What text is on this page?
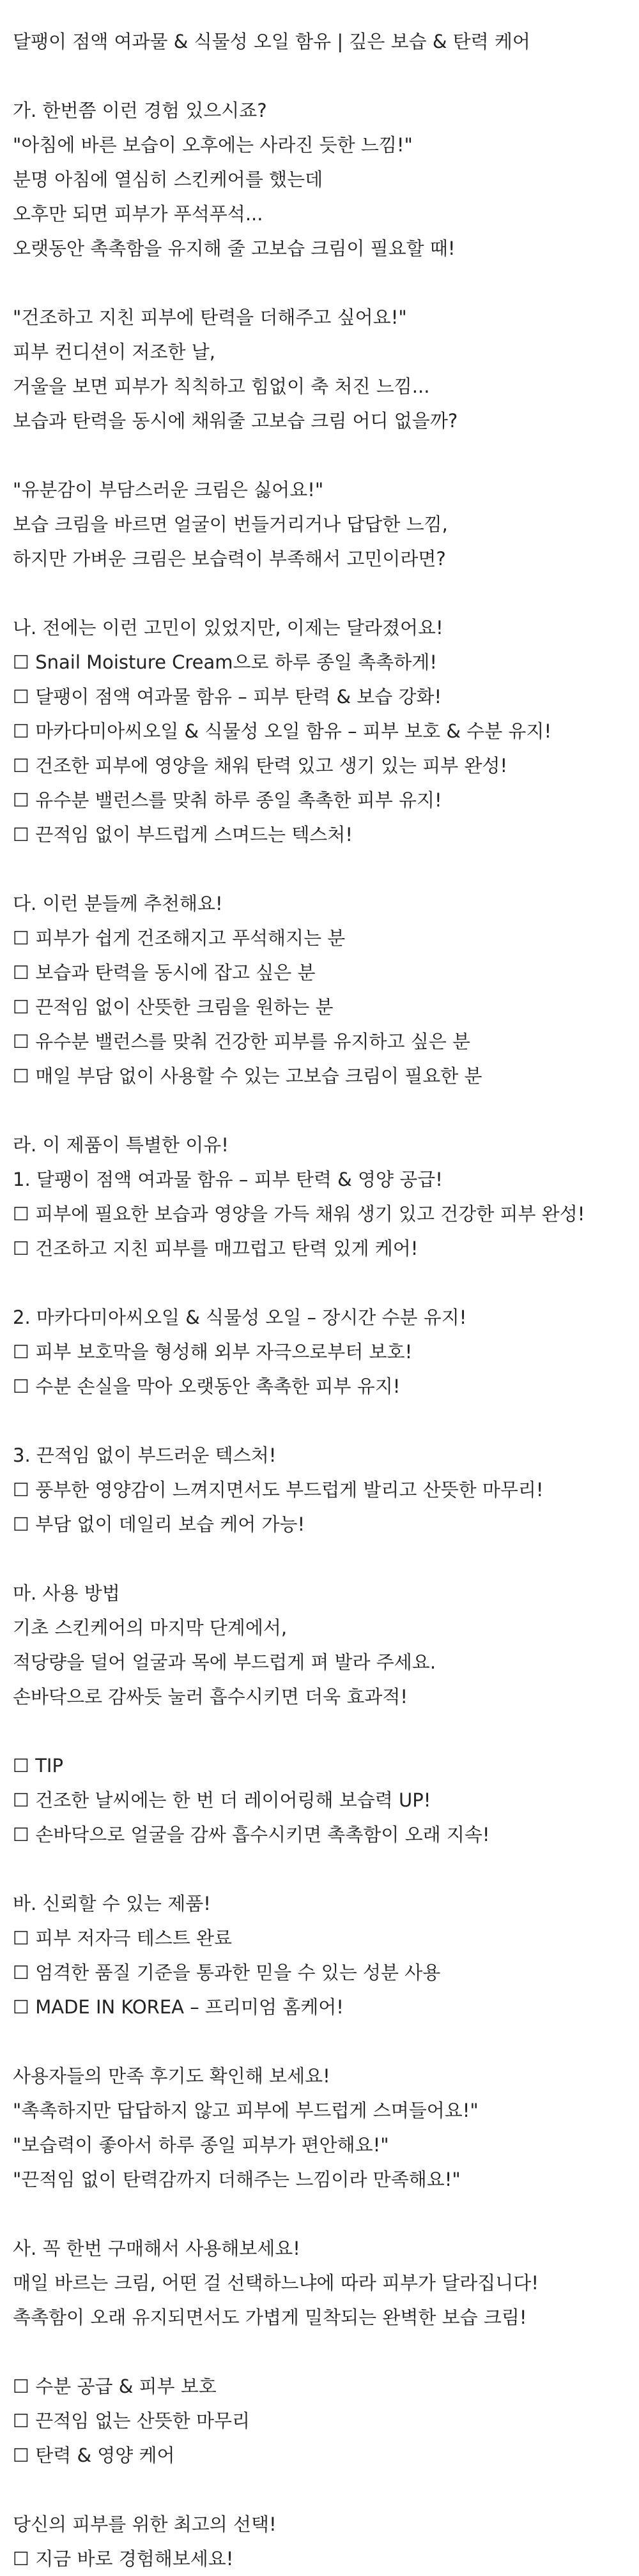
달팽이 점액 여과물 & 식물성 오일 함유 | 깊은 보습 & 탄력 케어
가. 한번쯤 이런 경험 있으시죠?
"아침에 바른 보습이 오후에는 사라진 듯한 느낌!"
분명 아침에 열심히 스킨케어를 했는데
오후만 되면 피부가 푸석푸석...
오랫동안 촉촉함을 유지해 줄 고보습 크림이 필요할 때!
"건조하고 지친 피부에 탄력을 더해주고 싶어요!"
피부 컨디션이 저조한 날,
거울을 보면 피부가 칙칙하고 힘없이 축 처진 느낌...
보습과 탄력을 동시에 채워줄 고보습 크림 어디 없을까?
"유분감이 부담스러운 크림은 싫어요!"
보습 크림을 바르면 얼굴이 번들거리거나 답답한 느낌,
하지만 가벼운 크림은 보습력이 부족해서 고민이라면?
나. 전에는 이런 고민이 있었지만, 이제는 달라졌어요!
☐ Snail Moisture Cream으로 하루 종일 촉촉하게!
☐ 달팽이 점액 여과물 함유 – 피부 탄력 & 보습 강화!
☐ 마카다미아씨오일 & 식물성 오일 함유 – 피부 보호 & 수분 유지!
☐ 건조한 피부에 영양을 채워 탄력 있고 생기 있는 피부 완성!
☐ 유수분 밸런스를 맞춰 하루 종일 촉촉한 피부 유지!
☐ 끈적임 없이 부드럽게 스며드는 텍스처!
다. 이런 분들께 추천해요!
☐ 피부가 쉽게 건조해지고 푸석해지는 분
☐ 보습과 탄력을 동시에 잡고 싶은 분
☐ 끈적임 없이 산뜻한 크림을 원하는 분
☐ 유수분 밸런스를 맞춰 건강한 피부를 유지하고 싶은 분
☐ 매일 부담 없이 사용할 수 있는 고보습 크림이 필요한 분
라. 이 제품이 특별한 이유!
1. 달팽이 점액 여과물 함유 – 피부 탄력 & 영양 공급!
☐ 피부에 필요한 보습과 영양을 가득 채워 생기 있고 건강한 피부 완성!
☐ 건조하고 지친 피부를 매끄럽고 탄력 있게 케어!
2. 마카다미아씨오일 & 식물성 오일 – 장시간 수분 유지!
☐ 피부 보호막을 형성해 외부 자극으로부터 보호!
☐ 수분 손실을 막아 오랫동안 촉촉한 피부 유지!
3. 끈적임 없이 부드러운 텍스처!
☐ 풍부한 영양감이 느껴지면서도 부드럽게 발리고 산뜻한 마무리!
☐ 부담 없이 데일리 보습 케어 가능!
마. 사용 방법
기초 스킨케어의 마지막 단계에서,
적당량을 덜어 얼굴과 목에 부드럽게 펴 발라 주세요.
손바닥으로 감싸듯 눌러 흡수시키면 더욱 효과적!
☐ TIP
☐ 건조한 날씨에는 한 번 더 레이어링해 보습력 UP!
☐ 손바닥으로 얼굴을 감싸 흡수시키면 촉촉함이 오래 지속!
바. 신뢰할 수 있는 제품!
☐ 피부 저자극 테스트 완료
☐ 엄격한 품질 기준을 통과한 믿을 수 있는 성분 사용
☐ MADE IN KOREA – 프리미엄 홈케어!
사용자들의 만족 후기도 확인해 보세요!
"촉촉하지만 답답하지 않고 피부에 부드럽게 스며들어요!"
"보습력이 좋아서 하루 종일 피부가 편안해요!"
"끈적임 없이 탄력감까지 더해주는 느낌이라 만족해요!"
사. 꼭 한번 구매해서 사용해보세요!
매일 바르는 크림, 어떤 걸 선택하느냐에 따라 피부가 달라집니다!
촉촉함이 오래 유지되면서도 가볍게 밀착되는 완벽한 보습 크림!
☐ 수분 공급 & 피부 보호
☐ 끈적임 없는 산뜻한 마무리
☐ 탄력 & 영양 케어
당신의 피부를 위한 최고의 선택!
☐ 지금 바로 경험해보세요!
